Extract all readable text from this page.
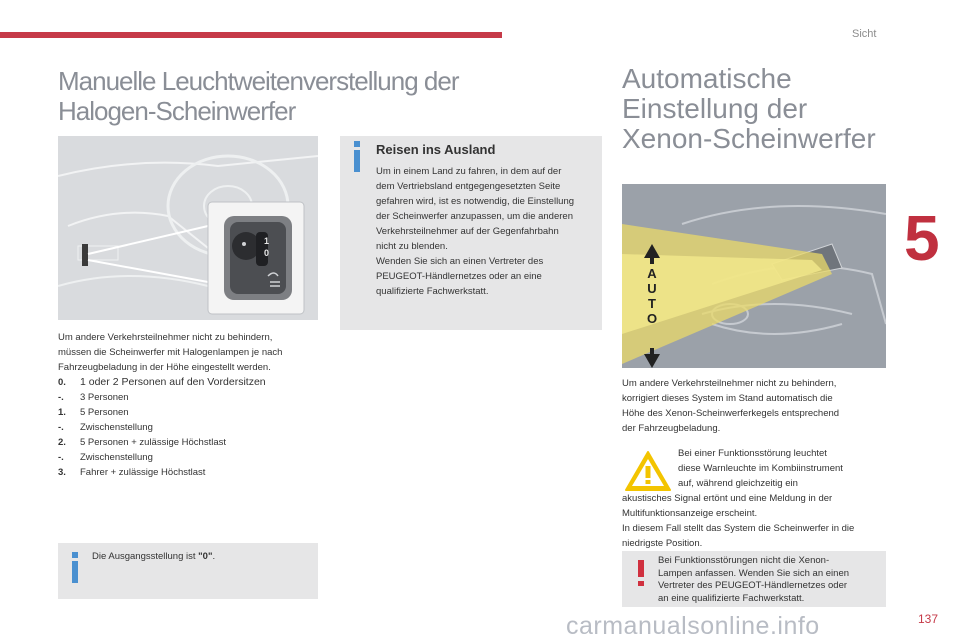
Sicht
5
137
Manuelle Leuchtweitenverstellung der
Halogen-Scheinwerfer
1
0
Um andere Verkehrsteilnehmer nicht zu behindern,
müssen die Scheinwerfer mit Halogenlampen je nach
Fahrzeugbeladung in der Höhe eingestellt werden.
0.	1 oder 2 Personen auf den Vordersitzen
-.	3 Personen
1.	5 Personen
-.	Zwischenstellung
2.	5 Personen + zulässige Höchstlast
-.	Zwischenstellung
3.	Fahrer + zulässige Höchstlast
Die Ausgangsstellung ist "0".
Reisen ins Ausland
Um in einem Land zu fahren, in dem auf der
dem Vertriebsland entgegengesetzten Seite
gefahren wird, ist es notwendig, die Einstellung
der Scheinwerfer anzupassen, um die anderen
Verkehrsteilnehmer auf der Gegenfahrbahn
nicht zu blenden.
Wenden Sie sich an einen Vertreter des
PEUGEOT-Händlernetzes oder an eine
qualifizierte Fachwerkstatt.
Automatische
Einstellung der
Xenon-Scheinwerfer
A
U
T
O
Um andere Verkehrsteilnehmer nicht zu behindern,
korrigiert dieses System im Stand automatisch die
Höhe des Xenon-Scheinwerferkegels entsprechend
der Fahrzeugbeladung.
Bei einer Funktionsstörung leuchtet
diese Warnleuchte im Kombiinstrument
auf, während gleichzeitig ein
akustisches Signal ertönt und eine Meldung in der
Multifunktionsanzeige erscheint.
In diesem Fall stellt das System die Scheinwerfer in die
niedrigste Position.
Bei Funktionsstörungen nicht die Xenon-
Lampen anfassen. Wenden Sie sich an einen
Vertreter des PEUGEOT-Händlernetzes oder
an eine qualifizierte Fachwerkstatt.
carmanualsonline.info
